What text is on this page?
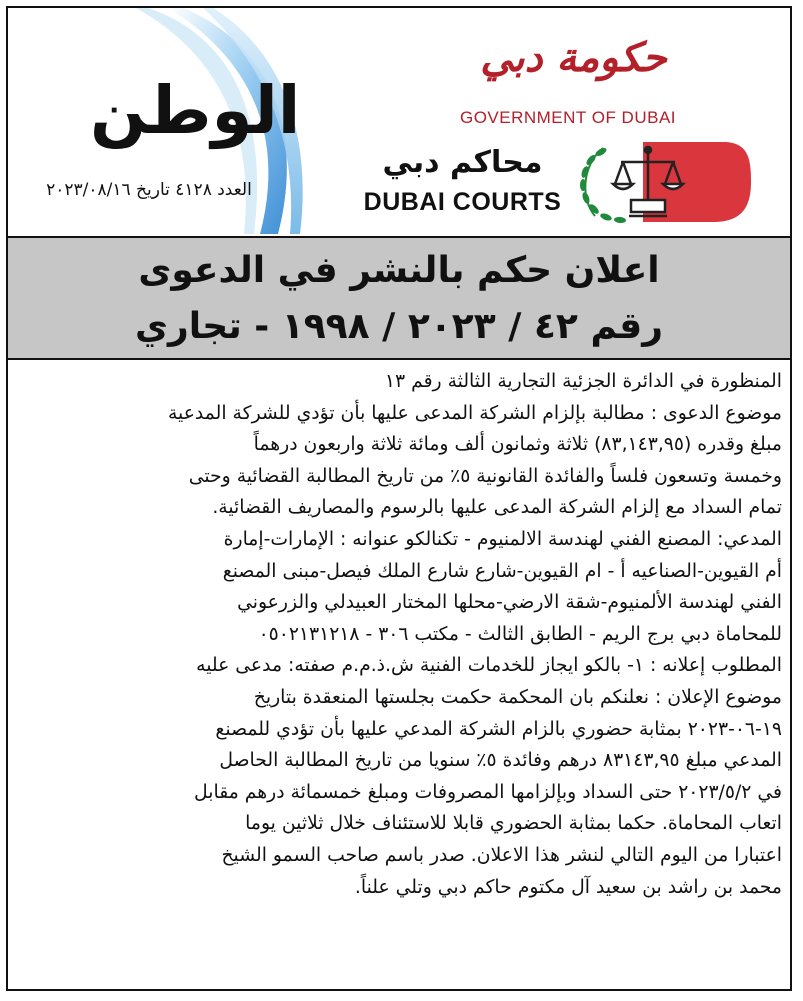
الوطن
العدد ٤١٢٨ تاريخ ٢٠٢٣/٠٨/١٦
حكومة دبي
GOVERNMENT OF DUBAI
محاكم دبي
DUBAI COURTS
اعلان حكم بالنشر في الدعوى
رقم ٤٢ / ٢٠٢٣ / ١٩٩٨ - تجاري

المنظورة في الدائرة الجزئية التجارية الثالثة رقم ١٣

موضوع الدعوى : مطالبة بإلزام الشركة المدعى عليها بأن تؤدي للشركة المدعية

مبلغ وقدره (٨٣,١٤٣,٩٥) ثلاثة وثمانون ألف ومائة ثلاثة واربعون درهماً

وخمسة وتسعون فلساً والفائدة القانونية ٥٪ من تاريخ المطالبة القضائية وحتى

تمام السداد مع إلزام الشركة المدعى عليها بالرسوم والمصاريف القضائية.

المدعي: المصنع الفني لهندسة الالمنيوم - تكنالكو عنوانه : الإمارات-إمارة

أم القيوين-الصناعيه أ - ام القيوين-شارع شارع الملك فيصل-مبنى المصنع

الفني لهندسة الألمنيوم-شقة الارضي-محلها المختار العبيدلي والزرعوني

للمحاماة دبي برج الريم - الطابق الثالث - مكتب ٣٠٦ - ٠٥٠٢١٣١٢١٨

المطلوب إعلانه : ١- بالكو ايجاز للخدمات الفنية ش.ذ.م.م صفته: مدعى عليه

موضوع الإعلان : نعلنكم بان المحكمة حكمت بجلستها المنعقدة بتاريخ

١٩-٠٦-٢٠٢٣ بمثابة حضوري بالزام الشركة المدعي عليها بأن تؤدي للمصنع

المدعي مبلغ ٨٣١٤٣,٩٥ درهم وفائدة ٥٪ سنويا من تاريخ المطالبة الحاصل

في ٢٠٢٣/٥/٢ حتى السداد وبإلزامها المصروفات ومبلغ خمسمائة درهم مقابل

اتعاب المحاماة. حكما بمثابة الحضوري قابلا للاستئناف خلال ثلاثين يوما

اعتبارا من اليوم التالي لنشر هذا الاعلان. صدر باسم صاحب السمو الشيخ

محمد بن راشد بن سعيد آل مكتوم حاكم دبي وتلي علناً.
